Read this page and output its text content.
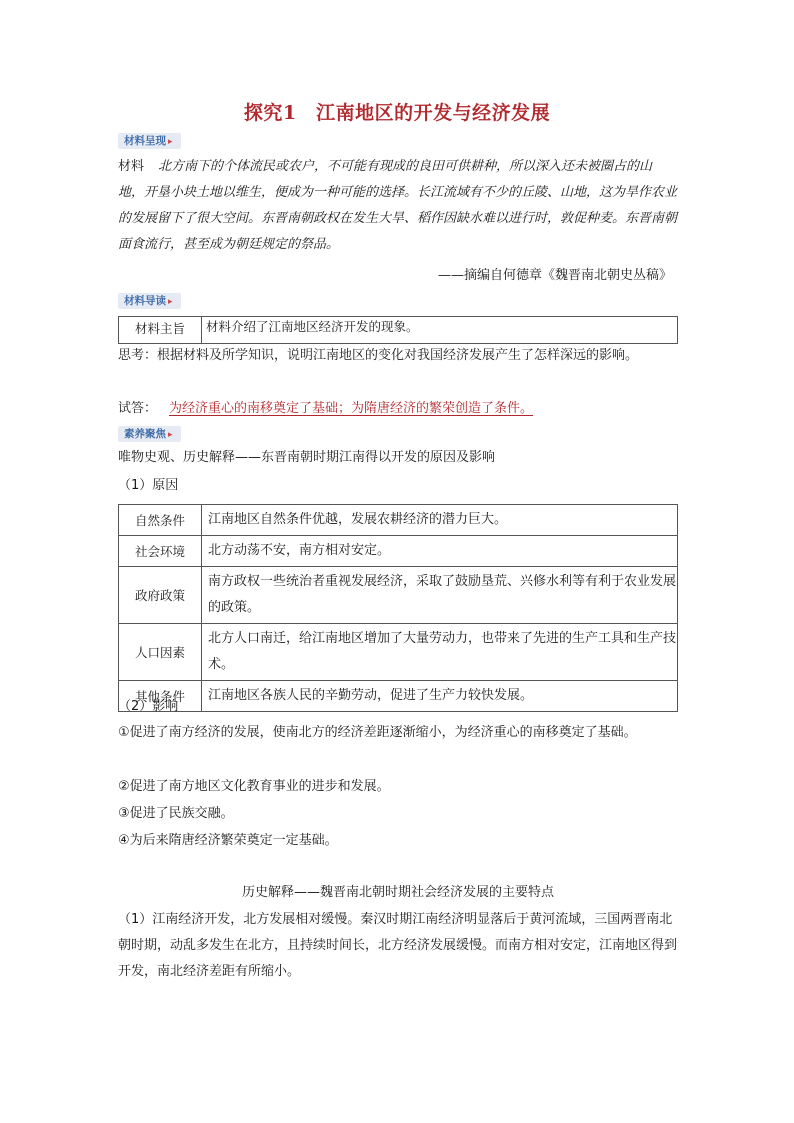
探究1　江南地区的开发与经济发展
材料呈现 ▸
材料 北方南下的个体流民或农户，不可能有现成的良田可供耕种，所以深入还未被圈占的山地，开垦小块土地以维生，便成为一种可能的选择。长江流域有不少的丘陵、山地，这为旱作农业的发展留下了很大空间。东晋南朝政权在发生大旱、稻作因缺水难以进行时，敦促种麦。东晋南朝面食流行，甚至成为朝廷规定的祭品。
——摘编自何德章《魏晋南北朝史丛稿》
材料导读 ▸
材料主旨	材料介绍了江南地区经济开发的现象。
思考：根据材料及所学知识，说明江南地区的变化对我国经济发展产生了怎样深远的影响。
试答： 为经济重心的南移奠定了基础；为隋唐经济的繁荣创造了条件。
素养聚焦 ▸
唯物史观、历史解释——东晋南朝时期江南得以开发的原因及影响
（1）原因
自然条件	江南地区自然条件优越，发展农耕经济的潜力巨大。
社会环境	北方动荡不安，南方相对安定。
政府政策	南方政权一些统治者重视发展经济，采取了鼓励垦荒、兴修水利等有利于农业发展的政策。
人口因素	北方人口南迁，给江南地区增加了大量劳动力，也带来了先进的生产工具和生产技术。
其他条件	江南地区各族人民的辛勤劳动，促进了生产力较快发展。
（2）影响
①促进了南方经济的发展，使南北方的经济差距逐渐缩小，为经济重心的南移奠定了基础。
②促进了南方地区文化教育事业的进步和发展。
③促进了民族交融。
④为后来隋唐经济繁荣奠定一定基础。
历史解释——魏晋南北朝时期社会经济发展的主要特点
（1）江南经济开发，北方发展相对缓慢。秦汉时期江南经济明显落后于黄河流域，三国两晋南北朝时期，动乱多发生在北方，且持续时间长，北方经济发展缓慢。而南方相对安定，江南地区得到开发，南北经济差距有所缩小。
